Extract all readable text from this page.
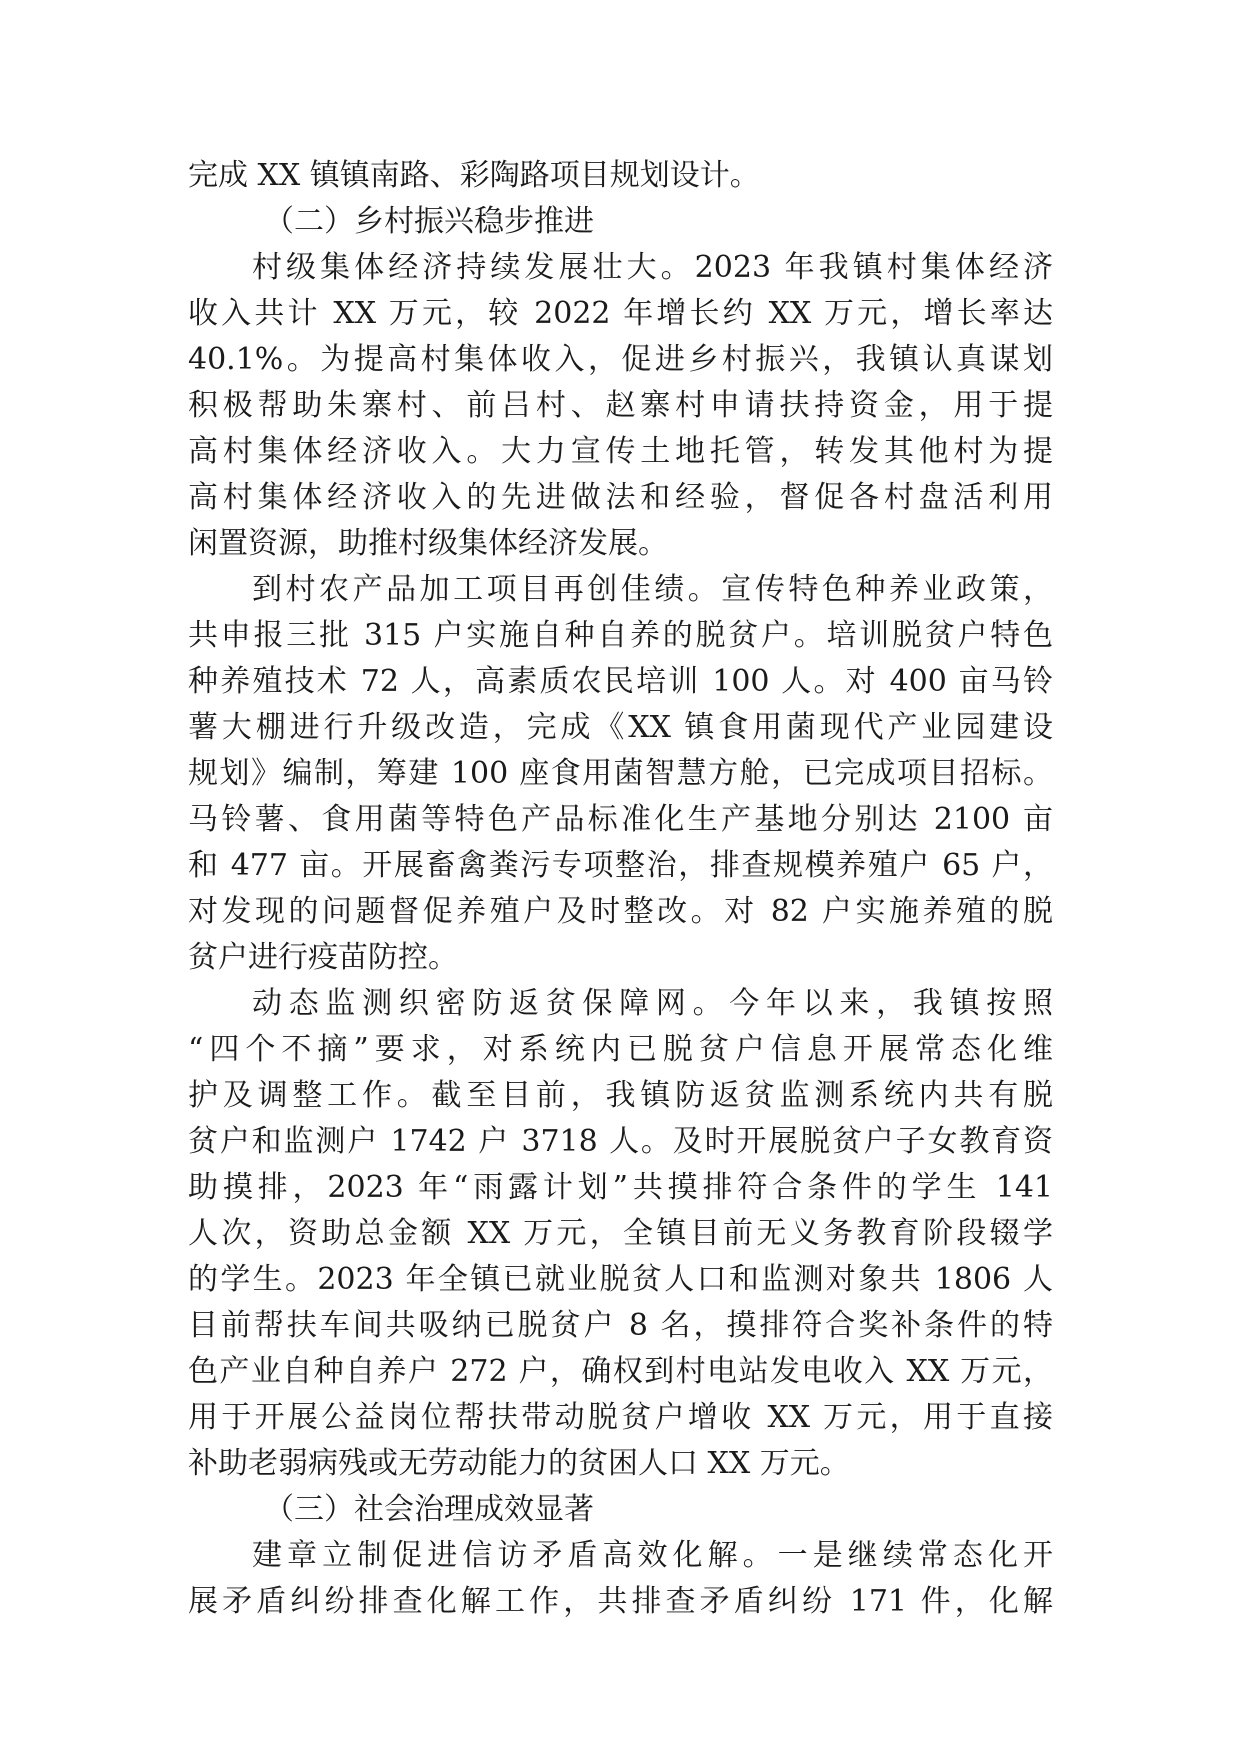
完成 XX 镇镇南路、彩陶路项目规划设计。
（二）乡村振兴稳步推进
村级集体经济持续发展壮大。2023 年我镇村集体经济
收入共计 XX 万元，较 2022 年增长约 XX 万元，增长率达
40.1%。为提高村集体收入，促进乡村振兴，我镇认真谋划
积极帮助朱寨村、前吕村、赵寨村申请扶持资金，用于提
高村集体经济收入。大力宣传土地托管，转发其他村为提
高村集体经济收入的先进做法和经验，督促各村盘活利用
闲置资源，助推村级集体经济发展。
到村农产品加工项目再创佳绩。宣传特色种养业政策，
共申报三批 315 户实施自种自养的脱贫户。培训脱贫户特色
种养殖技术 72 人，高素质农民培训 100 人。对 400 亩马铃
薯大棚进行升级改造，完成《XX 镇食用菌现代产业园建设
规划》编制，筹建 100 座食用菌智慧方舱，已完成项目招标。
马铃薯、食用菌等特色产品标准化生产基地分别达 2100 亩
和 477 亩。开展畜禽粪污专项整治，排查规模养殖户 65 户，
对发现的问题督促养殖户及时整改。对 82 户实施养殖的脱
贫户进行疫苗防控。
动态监测织密防返贫保障网。今年以来，我镇按照
“四个不摘”要求，对系统内已脱贫户信息开展常态化维
护及调整工作。截至目前，我镇防返贫监测系统内共有脱
贫户和监测户 1742 户 3718 人。及时开展脱贫户子女教育资
助摸排，2023 年“雨露计划”共摸排符合条件的学生 141
人次，资助总金额 XX 万元，全镇目前无义务教育阶段辍学
的学生。2023 年全镇已就业脱贫人口和监测对象共 1806 人
目前帮扶车间共吸纳已脱贫户 8 名，摸排符合奖补条件的特
色产业自种自养户 272 户，确权到村电站发电收入 XX 万元，
用于开展公益岗位帮扶带动脱贫户增收 XX 万元，用于直接
补助老弱病残或无劳动能力的贫困人口 XX 万元。
（三）社会治理成效显著
建章立制促进信访矛盾高效化解。一是继续常态化开
展矛盾纠纷排查化解工作，共排查矛盾纠纷 171 件，化解
